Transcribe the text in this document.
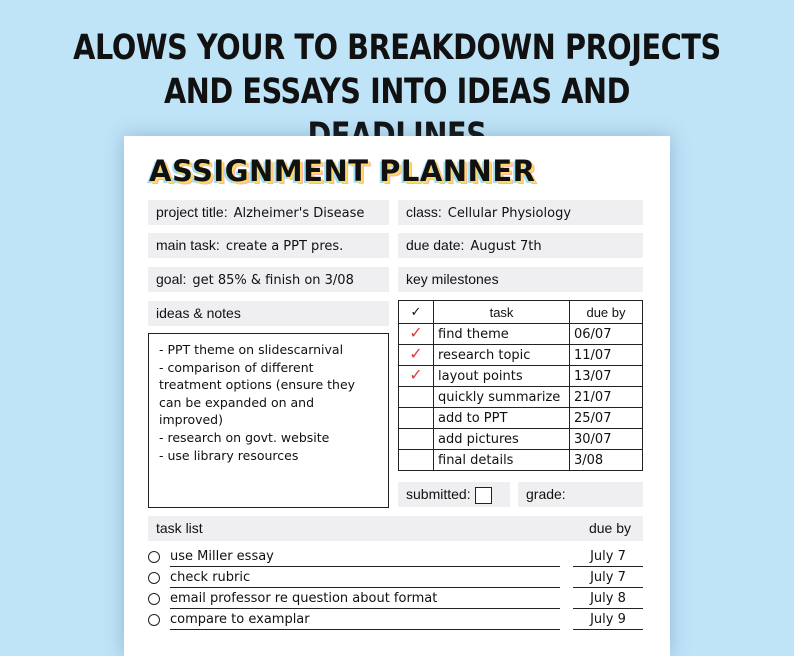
ALOWS YOUR TO BREAKDOWN PROJECTS
AND ESSAYS INTO IDEAS AND
ASSIGNMENT PLANNER
project title: Alzheimer's Disease	class: Cellular Physiology
main task: create a PPT pres.	due date: August 7th
goal: get 85% & finish on 3/08	key milestones
ideas & notes
- PPT theme on slidescarnival
- comparison of different
treatment options (ensure they
can be expanded on and
improved)
- research on govt. website
- use library resources
✓	task	due by
✓	find theme	06/07
✓	research topic	11/07
✓	layout points	13/07
	quickly summarize	21/07
	add to PPT	25/07
	add pictures	30/07
	final details	3/08
submitted:	grade:
task list	due by
use Miller essay	July 7
check rubric	July 7
email professor re question about format	July 8
compare to examplar	July 9
